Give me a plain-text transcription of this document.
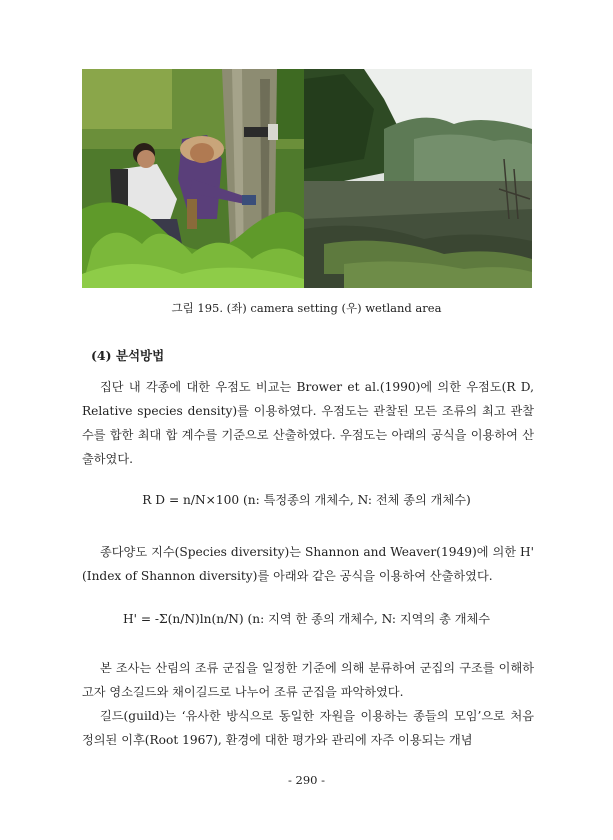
그림 195. (좌) camera setting (우) wetland area
(4) 분석방법
집단 내 각종에 대한 우점도 비교는 Brower et al.(1990)에 의한 우점도(R D, Relative species density)를 이용하였다. 우점도는 관찰된 모든 조류의 최고 관찰수를 합한 최대 합 계수를 기준으로 산출하였다. 우점도는 아래의 공식을 이용하여 산출하였다.
R D = n/N×100 (n: 특정종의 개체수, N: 전체 종의 개체수)
종다양도 지수(Species diversity)는 Shannon and Weaver(1949)에 의한 H' (Index of Shannon diversity)를 아래와 같은 공식을 이용하여 산출하였다.
H' = -Σ(n/N)ln(n/N) (n: 지역 한 종의 개체수, N: 지역의 총 개체수
본 조사는 산림의 조류 군집을 일정한 기준에 의해 분류하여 군집의 구조를 이해하고자 영소길드와 채이길드로 나누어 조류 군집을 파악하였다.
길드(guild)는 ‘유사한 방식으로 동일한 자원을 이용하는 종들의 모임’으로 처음 정의된 이후(Root 1967), 환경에 대한 평가와 관리에 자주 이용되는 개념
- 290 -
